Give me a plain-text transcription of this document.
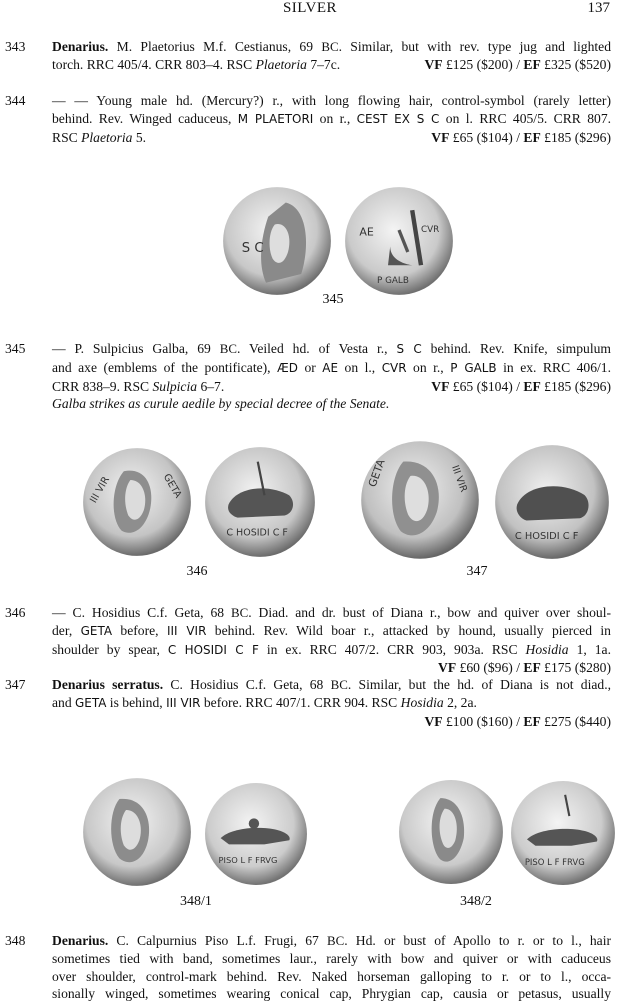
SILVER	137
343	Denarius. M. Plaetorius M.f. Cestianus, 69 BC. Similar, but with rev. type jug and lighted
torch. RRC 405/4. CRR 803–4. RSC Plaetoria 7–7c.	VF £125 ($200) / EF £325 ($520)
344	— — Young male hd. (Mercury?) r., with long flowing hair, control-symbol (rarely letter)
behind. Rev. Winged caduceus, M PLAETORI on r., CEST EX S C on l. RRC 405/5. CRR 807.
RSC Plaetoria 5.	VF £65 ($104) / EF £185 ($296)
S C
AE	CVR
P GALB
345
345	— P. Sulpicius Galba, 69 BC. Veiled hd. of Vesta r., S C behind. Rev. Knife, simpulum
and axe (emblems of the pontificate), ÆD or AE on l., CVR on r., P GALB in ex. RRC 406/1.
CRR 838–9. RSC Sulpicia 6–7.	VF £65 ($104) / EF £185 ($296)
Galba strikes as curule aedile by special decree of the Senate.
III VIR	GETA
C HOSIDI C F
III VIR
GETA
C HOSIDI C F
346	347
346	— C. Hosidius C.f. Geta, 68 BC. Diad. and dr. bust of Diana r., bow and quiver over shoul-
der, GETA before, III VIR behind. Rev. Wild boar r., attacked by hound, usually pierced in
shoulder by spear, C HOSIDI C F in ex. RRC 407/2. CRR 903, 903a. RSC Hosidia 1, 1a.
VF £60 ($96) / EF £175 ($280)
347	Denarius serratus. C. Hosidius C.f. Geta, 68 BC. Similar, but the hd. of Diana is not diad.,
and GETA is behind, III VIR before. RRC 407/1. CRR 904. RSC Hosidia 2, 2a.
VF £100 ($160) / EF £275 ($440)
PISO L F FRVG	PISO L F FRVG
348/1	348/2
348	Denarius. C. Calpurnius Piso L.f. Frugi, 67 BC. Hd. or bust of Apollo to r. or to l., hair
sometimes tied with band, sometimes laur., rarely with bow and quiver or with caduceus
over shoulder, control-mark behind. Rev. Naked horseman galloping to r. or to l., occa-
sionally winged, sometimes wearing conical cap, Phrygian cap, causia or petasus, usually
